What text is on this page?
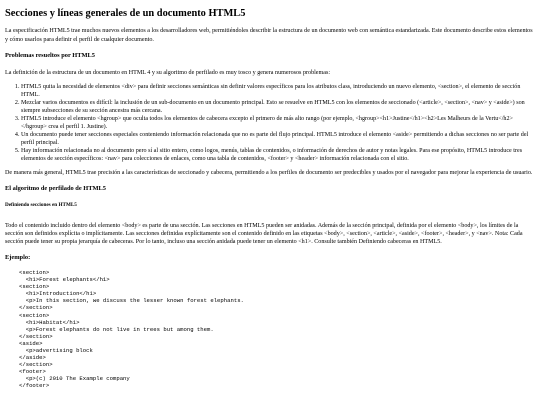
Secciones y líneas generales de un documento HTML5

La especificación HTML5 trae muchos nuevos elementos a los desarrolladores web, permitiéndoles describir la estructura de un documento web con semántica estandarizada. Este documento describe estos elementos y cómo usarlos para definir el perfil de cualquier documento.

Problemas resueltos por HTML5

La definición de la estructura de un documento en HTML 4 y su algoritmo de perfilado es muy tosco y genera numerosos problemas:

1. HTML5 quita la necesidad de elementos <div> para definir secciones semánticas sin definir valores específicos para los atributos class, introduciendo un nuevo elemento, <section>, el elemento de sección HTML.
2. Mezclar varios documentos es difícil: la inclusión de un sub-documento en un documento principal. Esto se resuelve en HTML5 con los elementos de seccionado (<article>, <section>, <nav> y <aside>) son siempre subsecciones de su sección ancestra más cercana.
3. HTML5 introduce el elemento <hgroup> que oculta todos los elementos de cabecera excepto el primero de más alto rango (por ejemplo, <hgroup><h1>Justine</h1><h2>Les Malheurs de la Vertu</h2></hgroup> crea el perfil 1. Justine).
4. Un documento puede tener secciones especiales conteniendo información relacionada que no es parte del flujo principal. HTML5 introduce el elemento <aside> permitiendo a dichas secciones no ser parte del perfil principal.
5. Hay información relacionada no al documento pero sí al sitio entero, como logos, menús, tablas de contenidos, o información de derechos de autor y notas legales. Para ese propósito, HTML5 introduce tres elementos de sección específicos: <nav> para colecciones de enlaces, como una tabla de contenidos, <footer> y <header> información relacionada con el sitio.

De manera más general, HTML5 trae precisión a las características de seccionado y cabecera, permitiendo a los perfiles de documento ser predecibles y usados por el navegador para mejorar la experiencia de usuario.

El algoritmo de perfilado de HTML5
Definiendo secciones en HTML5

Todo el contenido incluido dentro del elemento <body> es parte de una sección. Las secciones en HTML5 pueden ser anidadas. Además de la sección principal, definida por el elemento <body>, los límites de la sección son definidos explícita o implícitamente. Las secciones definidas explícitamente son el contenido definido en las etiquetas <body>, <section>, <article>, <aside>, <footer>, <header>, y <nav>. Nota: Cada sección puede tener su propia jerarquía de cabeceras. Por lo tanto, incluso una sección anidada puede tener un elemento <h1>. Consulte también Definiendo cabeceras en HTML5.

Ejemplo:
<section>
<h1>Forest elephants</h1>
<section>
<h1>Introduction</h1>
<p>In this section, we discuss the lesser known forest elephants.
</section>
<section>
<h1>Habitat</h1>
<p>Forest elephants do not live in trees but among them.
</section>
<aside>
<p>advertising block
</aside>
</section>
<footer>
<p>(c) 2010 The Example company
</footer>
